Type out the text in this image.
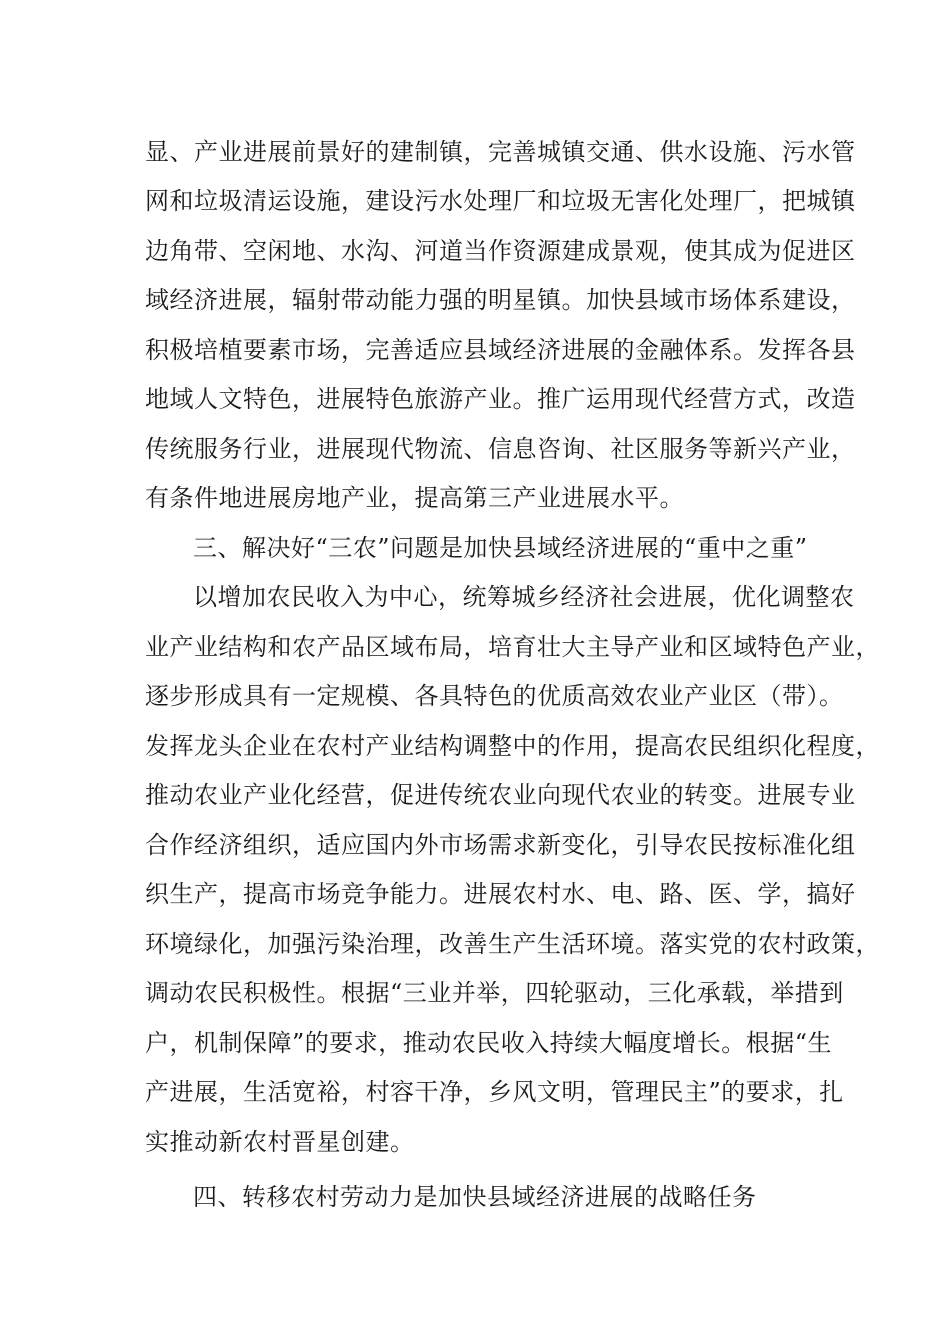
显、产业进展前景好的建制镇，完善城镇交通、供水设施、污水管
网和垃圾清运设施，建设污水处理厂和垃圾无害化处理厂，把城镇
边角带、空闲地、水沟、河道当作资源建成景观，使其成为促进区
域经济进展，辐射带动能力强的明星镇。加快县域市场体系建设，
积极培植要素市场，完善适应县域经济进展的金融体系。发挥各县
地域人文特色，进展特色旅游产业。推广运用现代经营方式，改造
传统服务行业，进展现代物流、信息咨询、社区服务等新兴产业，
有条件地进展房地产业，提高第三产业进展水平。
三、解决好“三农”问题是加快县域经济进展的“重中之重”
以增加农民收入为中心，统筹城乡经济社会进展，优化调整农
业产业结构和农产品区域布局，培育壮大主导产业和区域特色产业，
逐步形成具有一定规模、各具特色的优质高效农业产业区（带）。
发挥龙头企业在农村产业结构调整中的作用，提高农民组织化程度，
推动农业产业化经营，促进传统农业向现代农业的转变。进展专业
合作经济组织，适应国内外市场需求新变化，引导农民按标准化组
织生产，提高市场竞争能力。进展农村水、电、路、医、学，搞好
环境绿化，加强污染治理，改善生产生活环境。落实党的农村政策，
调动农民积极性。根据“三业并举，四轮驱动，三化承载，举措到
户，机制保障”的要求，推动农民收入持续大幅度增长。根据“生
产进展，生活宽裕，村容干净，乡风文明，管理民主”的要求，扎
实推动新农村晋星创建。
四、转移农村劳动力是加快县域经济进展的战略任务
